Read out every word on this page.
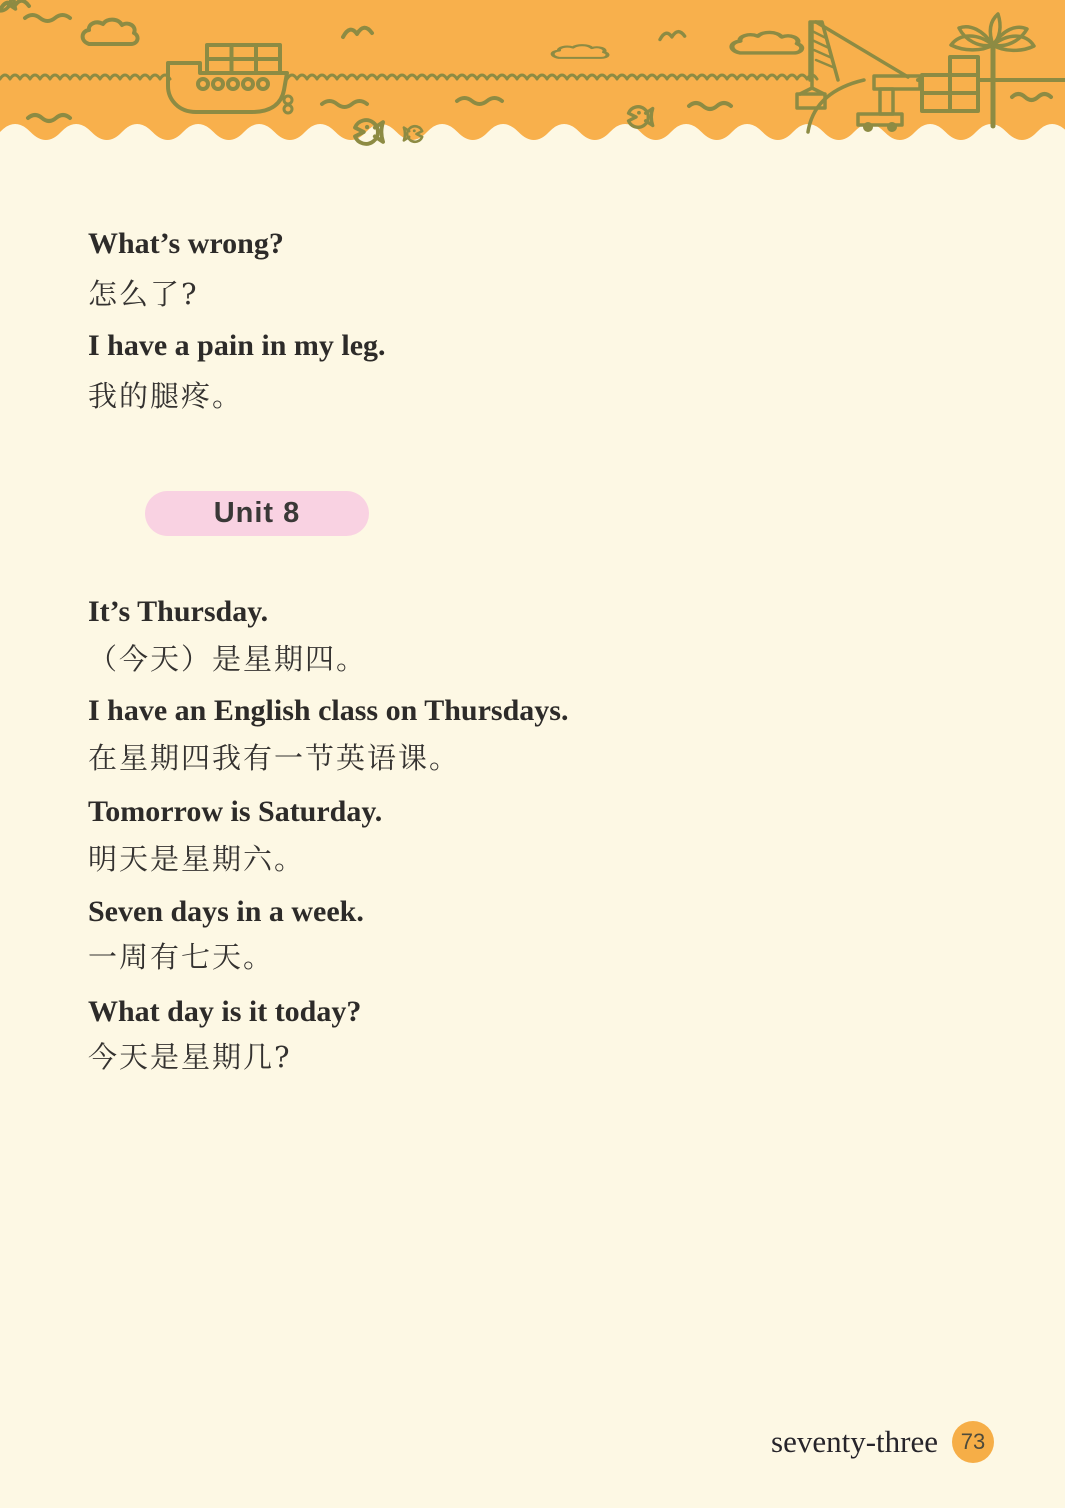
What’s wrong?
怎么了?
I have a pain in my leg.
我的腿疼。
Unit 8
It’s Thursday.
（今天）是星期四。
I have an English class on Thursdays.
在星期四我有一节英语课。
Tomorrow is Saturday.
明天是星期六。
Seven days in a week.
一周有七天。
What day is it today?
今天是星期几?
seventy-three 73
